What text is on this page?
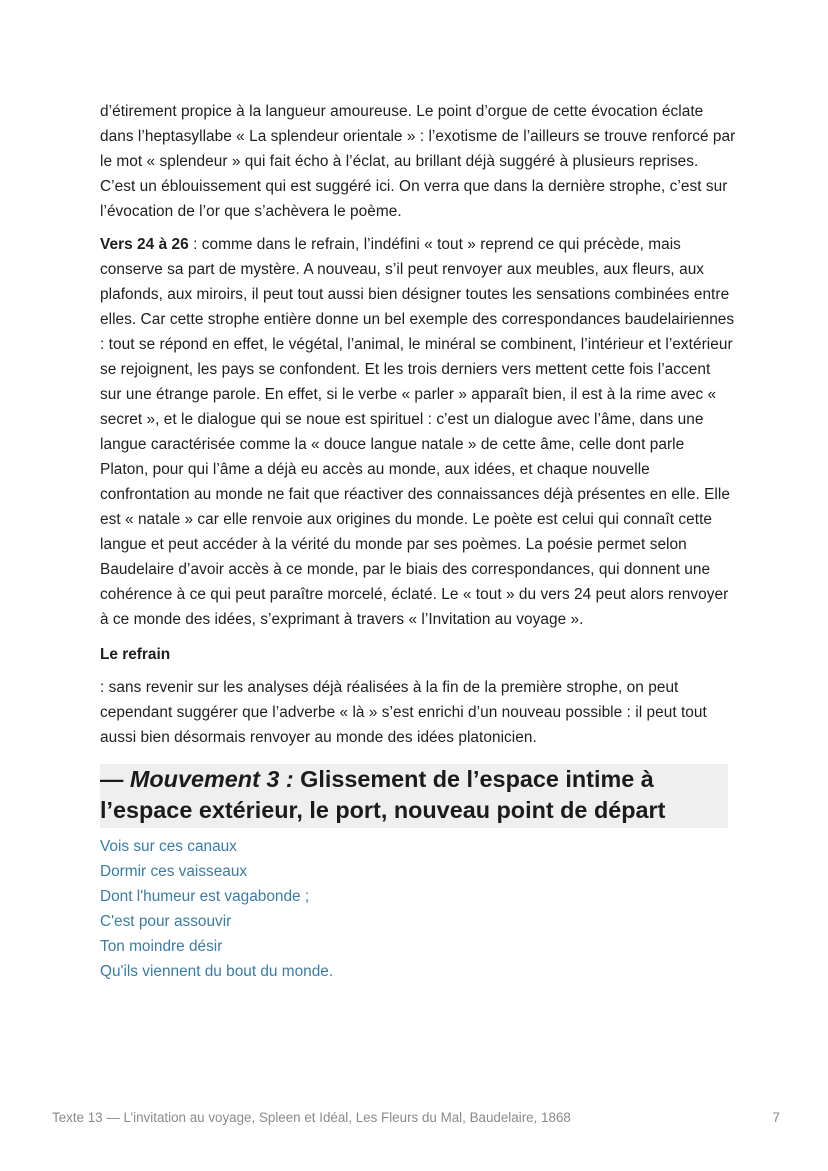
d’étirement propice à la langueur amoureuse. Le point d’orgue de cette évocation éclate dans l’heptasyllabe « La splendeur orientale » : l’exotisme de l’ailleurs se trouve renforcé par le mot « splendeur » qui fait écho à l’éclat, au brillant déjà suggéré à plusieurs reprises. C’est un éblouissement qui est suggéré ici. On verra que dans la dernière strophe, c’est sur l’évocation de l’or que s’achèvera le poème.

Vers 24 à 26 : comme dans le refrain, l’indéfini « tout » reprend ce qui précède, mais conserve sa part de mystère. A nouveau, s’il peut renvoyer aux meubles, aux fleurs, aux plafonds, aux miroirs, il peut tout aussi bien désigner toutes les sensations combinées entre elles. Car cette strophe entière donne un bel exemple des correspondances baudelairiennes : tout se répond en effet, le végétal, l’animal, le minéral se combinent, l’intérieur et l’extérieur se rejoignent, les pays se confondent. Et les trois derniers vers mettent cette fois l’accent sur une étrange parole. En effet, si le verbe « parler » apparaît bien, il est à la rime avec « secret », et le dialogue qui se noue est spirituel : c’est un dialogue avec l’âme, dans une langue caractérisée comme la « douce langue natale » de cette âme, celle dont parle Platon, pour qui l’âme a déjà eu accès au monde, aux idées, et chaque nouvelle confrontation au monde ne fait que réactiver des connaissances déjà présentes en elle. Elle est « natale » car elle renvoie aux origines du monde. Le poète est celui qui connaît cette langue et peut accéder à la vérité du monde par ses poèmes. La poésie permet selon Baudelaire d’avoir accès à ce monde, par le biais des correspondances, qui donnent une cohérence à ce qui peut paraître morcelé, éclaté. Le « tout » du vers 24 peut alors renvoyer à ce monde des idées, s’exprimant à travers « l’Invitation au voyage ».

Le refrain

: sans revenir sur les analyses déjà réalisées à la fin de la première strophe, on peut cependant suggérer que l’adverbe « là » s’est enrichi d’un nouveau possible : il peut tout aussi bien désormais renvoyer au monde des idées platonicien.

— Mouvement 3 : Glissement de l’espace intime à l’espace extérieur, le port, nouveau point de départ
Vois sur ces canaux
Dormir ces vaisseaux
Dont l'humeur est vagabonde ;
C'est pour assouvir
Ton moindre désir
Qu'ils viennent du bout du monde.
Texte 13 — L’invitation au voyage, Spleen et Idéal, Les Fleurs du Mal, Baudelaire, 1868	7
